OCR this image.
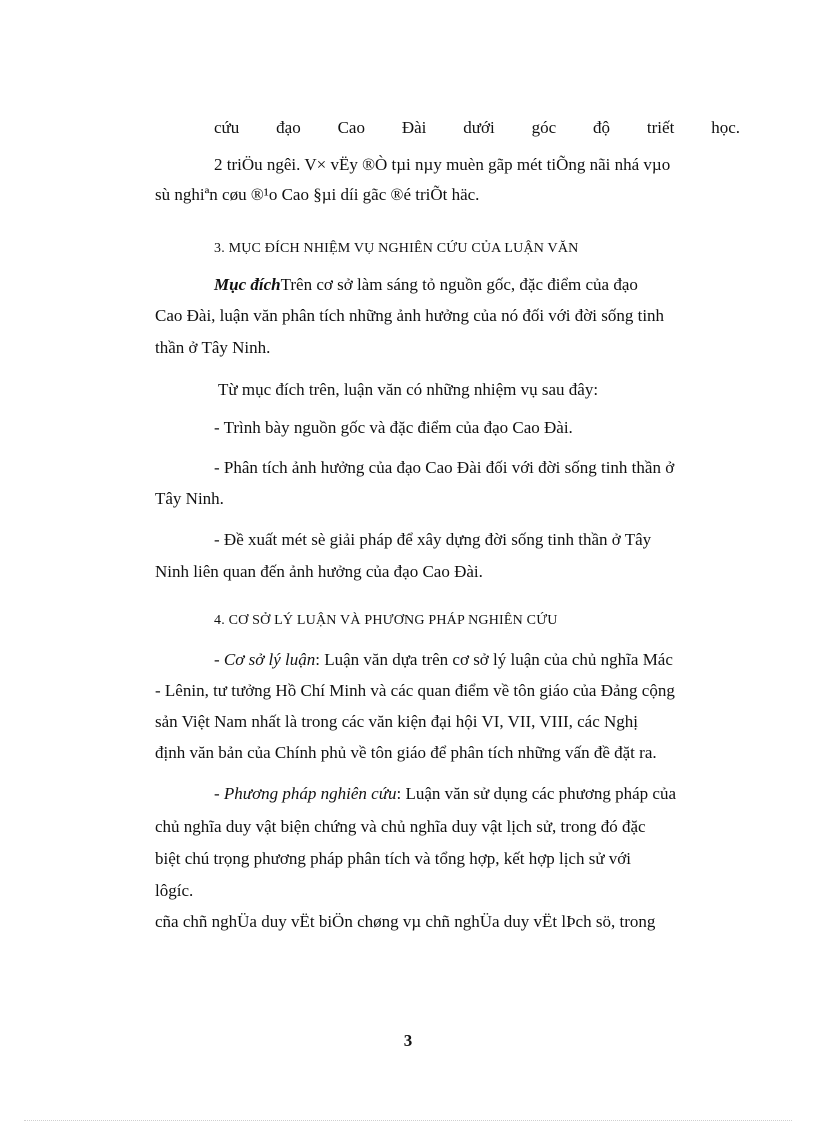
cứu đạo Cao Đài dưới góc độ triết học.

2 triÖu ngêi. V× vËy ®Ò tµi nµy muèn gãp mét tiÕng nãi nhá vµo

sù nghiªn cøu ®¹o Cao §µi díi gãc ®é triÕt häc.

3. MỤC ĐÍCH NHIỆM VỤ NGHIÊN CỨU CỦA LUẬN VĂN

Mục đíchTrên cơ sở làm sáng tỏ nguồn gốc, đặc điểm của đạo

Cao Đài, luận văn phân tích những ảnh hưởng của nó đối với đời sống tinh

thần ở Tây Ninh.

Từ mục đích trên, luận văn có những nhiệm vụ sau đây:

- Trình bày nguồn gốc và đặc điểm của đạo Cao Đài.

- Phân tích ảnh hưởng của đạo Cao Đài đối với đời sống tinh thần ở

Tây Ninh.

- Đề xuất mét sè giải pháp để xây dựng đời sống tinh thần ở Tây

Ninh liên quan đến ảnh hưởng của đạo Cao Đài.

4. CƠ SỞ LÝ LUẬN VÀ PHƯƠNG PHÁP NGHIÊN CỨU

- Cơ sở lý luận: Luận văn dựa trên cơ sở lý luận của chủ nghĩa Mác

- Lênin, tư tưởng Hồ Chí Minh và các quan điểm về tôn giáo của Đảng cộng

sản Việt Nam nhất là trong các văn kiện đại hội VI, VII, VIII, các Nghị

định văn bản của Chính phủ về tôn giáo để phân tích những vấn đề đặt ra.

- Phương pháp nghiên cứu: Luận văn sử dụng các phương pháp của

chủ nghĩa duy vật biện chứng và chủ nghĩa duy vật lịch sử, trong đó đặc

biệt chú trọng phương pháp phân tích và tổng hợp, kết hợp lịch sử với

lôgíc.

cña chñ nghÜa duy vËt biÖn chøng vµ chñ nghÜa duy vËt lÞch sö, trong

3
